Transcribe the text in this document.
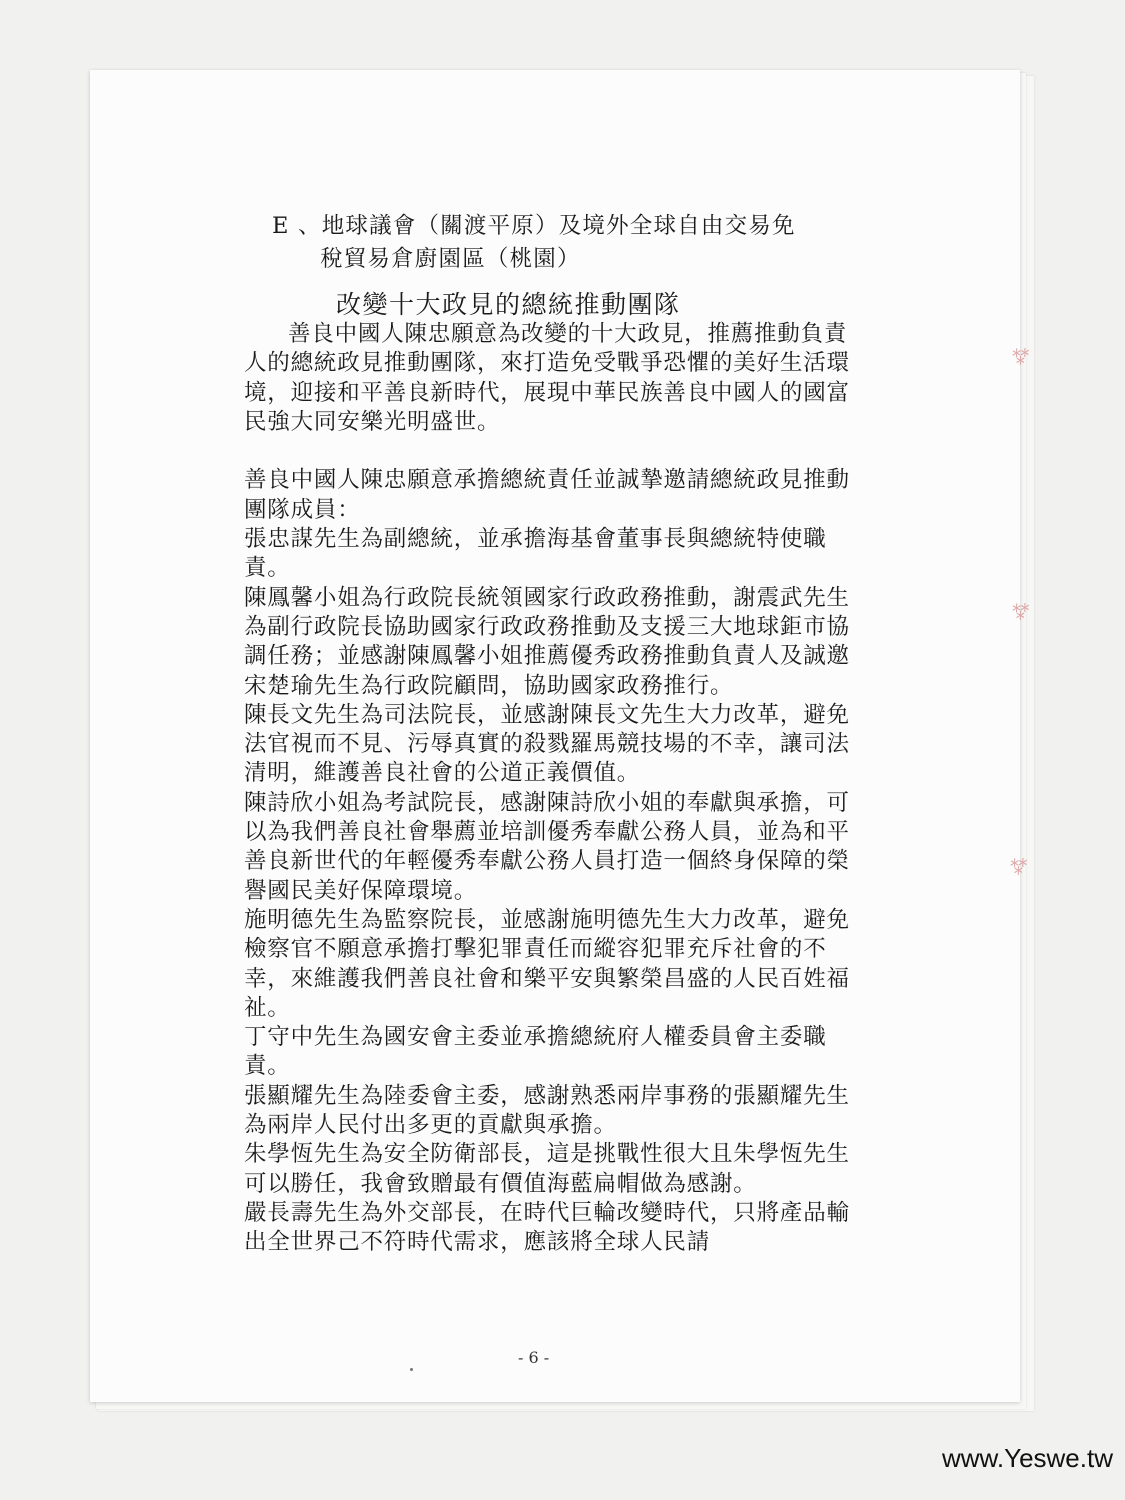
⁂
⁂
⁂
E 、地球議會（關渡平原）及境外全球自由交易免
稅貿易倉廚園區（桃園）
改變十大政見的總統推動團隊

善良中國人陳忠願意為改變的十大政見，推薦推動負責人的總統政見推動團隊，來打造免受戰爭恐懼的美好生活環境，迎接和平善良新時代，展現中華民族善良中國人的國富民強大同安樂光明盛世。

善良中國人陳忠願意承擔總統責任並誠摯邀請總統政見推動團隊成員：

張忠謀先生為副總統，並承擔海基會董事長與總統特使職責。

陳鳳馨小姐為行政院長統領國家行政政務推動，謝震武先生為副行政院長協助國家行政政務推動及支援三大地球鉅市協調任務；並感謝陳鳳馨小姐推薦優秀政務推動負責人及誠邀宋楚瑜先生為行政院顧問，協助國家政務推行。

陳長文先生為司法院長，並感謝陳長文先生大力改革，避免法官視而不見、污辱真實的殺戮羅馬競技場的不幸，讓司法清明，維護善良社會的公道正義價值。

陳詩欣小姐為考試院長，感謝陳詩欣小姐的奉獻與承擔，可以為我們善良社會舉薦並培訓優秀奉獻公務人員，並為和平善良新世代的年輕優秀奉獻公務人員打造一個終身保障的榮譽國民美好保障環境。

施明德先生為監察院長，並感謝施明德先生大力改革，避免檢察官不願意承擔打擊犯罪責任而縱容犯罪充斥社會的不幸，來維護我們善良社會和樂平安與繁榮昌盛的人民百姓福祉。

丁守中先生為國安會主委並承擔總統府人權委員會主委職責。

張顯耀先生為陸委會主委，感謝熟悉兩岸事務的張顯耀先生為兩岸人民付出多更的貢獻與承擔。

朱學恆先生為安全防衛部長，這是挑戰性很大且朱學恆先生可以勝任，我會致贈最有價值海藍扁帽做為感謝。

嚴長壽先生為外交部長，在時代巨輪改變時代，只將產品輸出全世界己不符時代需求，應該將全球人民請

- 6 -
www.Yeswe.tw
